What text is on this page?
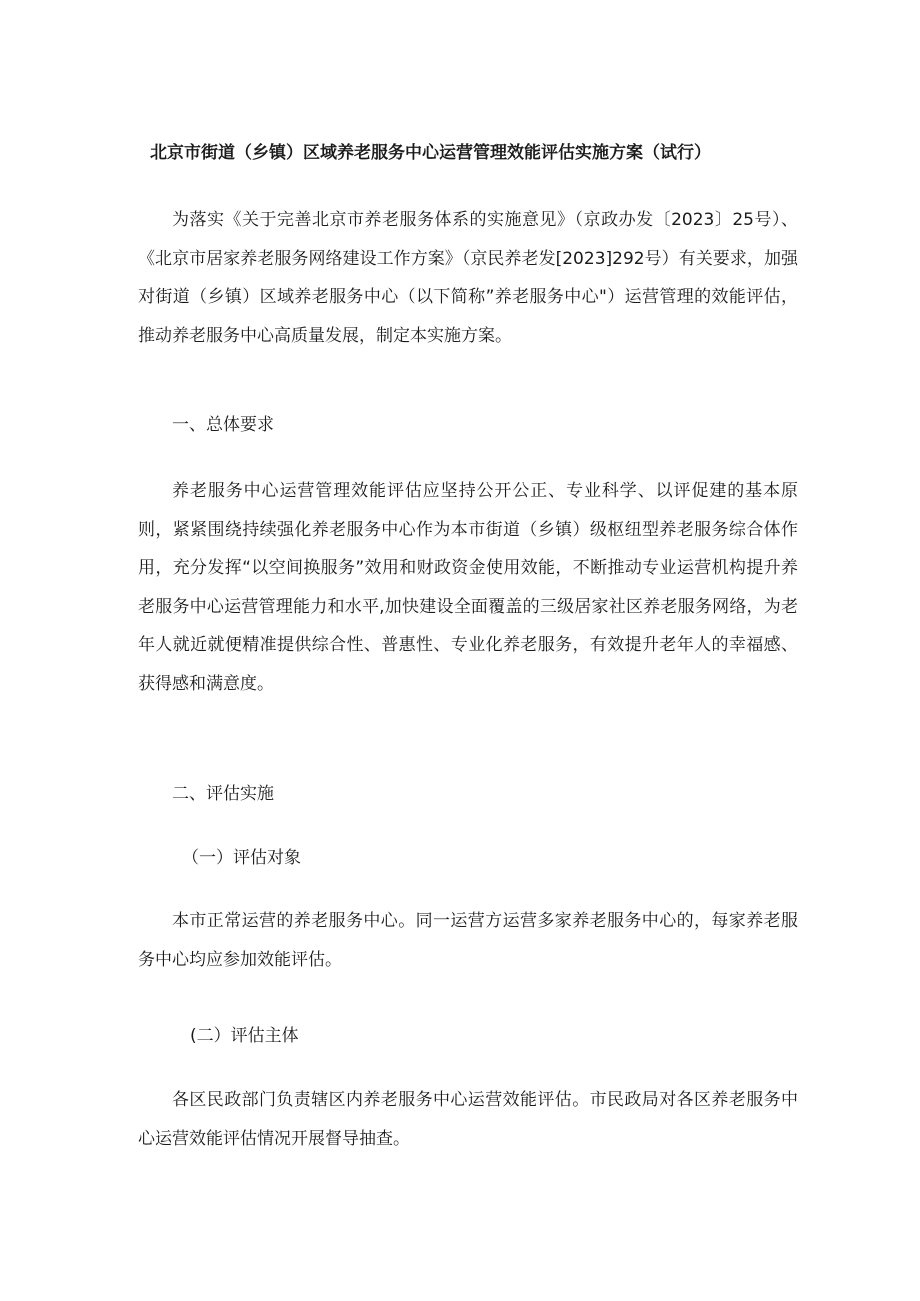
北京市街道（乡镇）区域养老服务中心运营管理效能评估实施方案（试行）

为落实《关于完善北京市养老服务体系的实施意见》（京政办发〔2023〕25号）、《北京市居家养老服务网络建设工作方案》（京民养老发[2023]292号）有关要求，加强对街道（乡镇）区域养老服务中心（以下简称”养老服务中心"）运营管理的效能评估，推动养老服务中心高质量发展，制定本实施方案。

一、总体要求

养老服务中心运营管理效能评估应坚持公开公正、专业科学、以评促建的基本原则，紧紧围绕持续强化养老服务中心作为本市街道（乡镇）级枢纽型养老服务综合体作用，充分发挥“以空间换服务”效用和财政资金使用效能，不断推动专业运营机构提升养老服务中心运营管理能力和水平,加快建设全面覆盖的三级居家社区养老服务网络，为老年人就近就便精准提供综合性、普惠性、专业化养老服务，有效提升老年人的幸福感、获得感和满意度。

二、评估实施
（一）评估对象

本市正常运营的养老服务中心。同一运营方运营多家养老服务中心的，每家养老服务中心均应参加效能评估。

(二）评估主体

各区民政部门负责辖区内养老服务中心运营效能评估。市民政局对各区养老服务中心运营效能评估情况开展督导抽查。
